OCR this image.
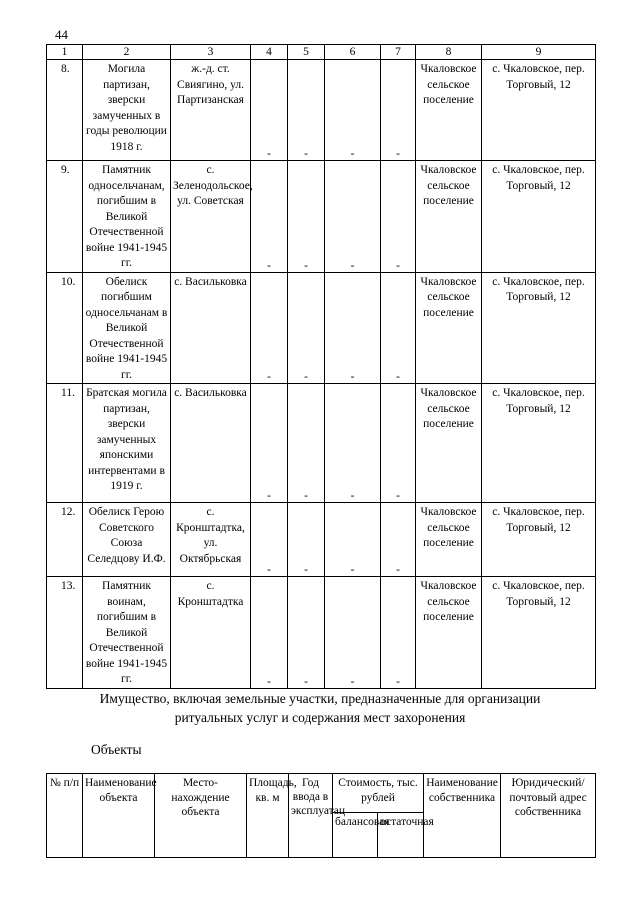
44
1	2	3	4	5	6	7	8	9
8.	Могила партизан, зверски замученных в годы революции 1918 г.	ж.-д. ст. Свиягино, ул. Партизанская	-	-	-	-	Чкаловское сельское поселение	с. Чкаловское, пер. Торговый, 12
9.	Памятник односельчанам, погибшим в Великой Отечественной войне 1941-1945 гг.	с. Зеленодольское, ул. Советская	-	-	-	-	Чкаловское сельское поселение	с. Чкаловское, пер. Торговый, 12
10.	Обелиск погибшим односельчанам в Великой Отечественной войне 1941-1945 гг.	с. Васильковка	-	-	-	-	Чкаловское сельское поселение	с. Чкаловское, пер. Торговый, 12
11.	Братская могила партизан, зверски замученных японскими интервентами в 1919 г.	с. Васильковка	-	-	-	-	Чкаловское сельское поселение	с. Чкаловское, пер. Торговый, 12
12.	Обелиск Герою Советского Союза Селедцову И.Ф.	с. Кронштадтка, ул. Октябрьская	-	-	-	-	Чкаловское сельское поселение	с. Чкаловское, пер. Торговый, 12
13.	Памятник воинам, погибшим в Великой Отечественной войне 1941-1945 гг.	с. Кронштадтка	-	-	-	-	Чкаловское сельское поселение	с. Чкаловское, пер. Торговый, 12
Имущество, включая земельные участки, предназначенные для организации
ритуальных услуг и содержания мест захоронения
Объекты
№ п/п	Наименование объекта	Место-нахождение объекта	Площадь, кв. м	Год ввода в эксплуатац	Стоимость, тыс. рублей		Наименование собственника	Юридический/ почтовый адрес собственника
					балансовая	остаточная		
